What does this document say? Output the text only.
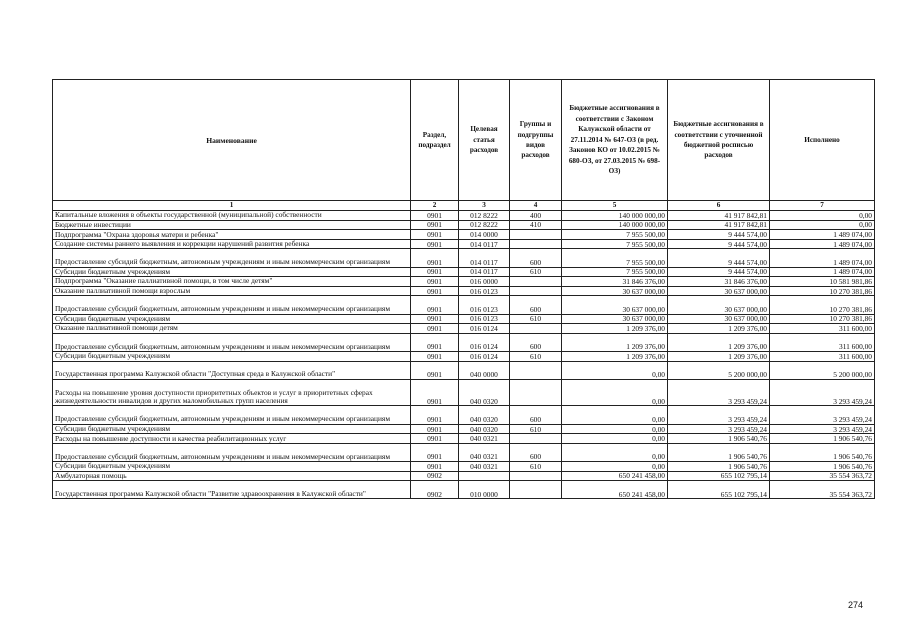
Наименование	Раздел, подраздел	Целевая статья расходов	Группы и подгруппы видов расходов	Бюджетные ассигнования в соответствии с Законом Калужской области от 27.11.2014 № 647-ОЗ (в ред. Законов КО от 10.02.2015 № 680-ОЗ, от 27.03.2015 № 698-ОЗ)	Бюджетные ассигнования в соответствии с уточненной бюджетной росписью расходов	Исполнено
1	2	3	4	5	6	7
Капитальные вложения в объекты государственной (муниципальной) собственности	0901	012 8222	400	140 000 000,00	41 917 842,81	0,00
Бюджетные инвестиции	0901	012 8222	410	140 000 000,00	41 917 842,81	0,00
Подпрограмма "Охрана здоровья матери и ребенка"	0901	014 0000		7 955 500,00	9 444 574,00	1 489 074,00
Создание системы раннего выявления и коррекции нарушений развития ребенка	0901	014 0117		7 955 500,00	9 444 574,00	1 489 074,00
Предоставление субсидий бюджетным, автономным учреждениям и иным некоммерческим организациям	0901	014 0117	600	7 955 500,00	9 444 574,00	1 489 074,00
Субсидии бюджетным учреждениям	0901	014 0117	610	7 955 500,00	9 444 574,00	1 489 074,00
Подпрограмма "Оказание паллиативной помощи, в том числе детям"	0901	016 0000		31 846 376,00	31 846 376,00	10 581 981,86
Оказание паллиативной помощи взрослым	0901	016 0123		30 637 000,00	30 637 000,00	10 270 381,86
Предоставление субсидий бюджетным, автономным учреждениям и иным некоммерческим организациям	0901	016 0123	600	30 637 000,00	30 637 000,00	10 270 381,86
Субсидии бюджетным учреждениям	0901	016 0123	610	30 637 000,00	30 637 000,00	10 270 381,86
Оказание паллиативной помощи детям	0901	016 0124		1 209 376,00	1 209 376,00	311 600,00
Предоставление субсидий бюджетным, автономным учреждениям и иным некоммерческим организациям	0901	016 0124	600	1 209 376,00	1 209 376,00	311 600,00
Субсидии бюджетным учреждениям	0901	016 0124	610	1 209 376,00	1 209 376,00	311 600,00
Государственная программа Калужской области "Доступная среда в Калужской области"	0901	040 0000		0,00	5 200 000,00	5 200 000,00
Расходы на повышение уровня доступности приоритетных объектов и услуг в приоритетных сферах жизнедеятельности инвалидов и других маломобильных групп населения	0901	040 0320		0,00	3 293 459,24	3 293 459,24
Предоставление субсидий бюджетным, автономным учреждениям и иным некоммерческим организациям	0901	040 0320	600	0,00	3 293 459,24	3 293 459,24
Субсидии бюджетным учреждениям	0901	040 0320	610	0,00	3 293 459,24	3 293 459,24
Расходы на повышение доступности и качества реабилитационных услуг	0901	040 0321		0,00	1 906 540,76	1 906 540,76
Предоставление субсидий бюджетным, автономным учреждениям и иным некоммерческим организациям	0901	040 0321	600	0,00	1 906 540,76	1 906 540,76
Субсидии бюджетным учреждениям	0901	040 0321	610	0,00	1 906 540,76	1 906 540,76
Амбулаторная помощь	0902			650 241 458,00	655 102 795,14	35 554 363,72
Государственная программа Калужской области "Развитие здравоохранения в Калужской области"	0902	010 0000		650 241 458,00	655 102 795,14	35 554 363,72
274
